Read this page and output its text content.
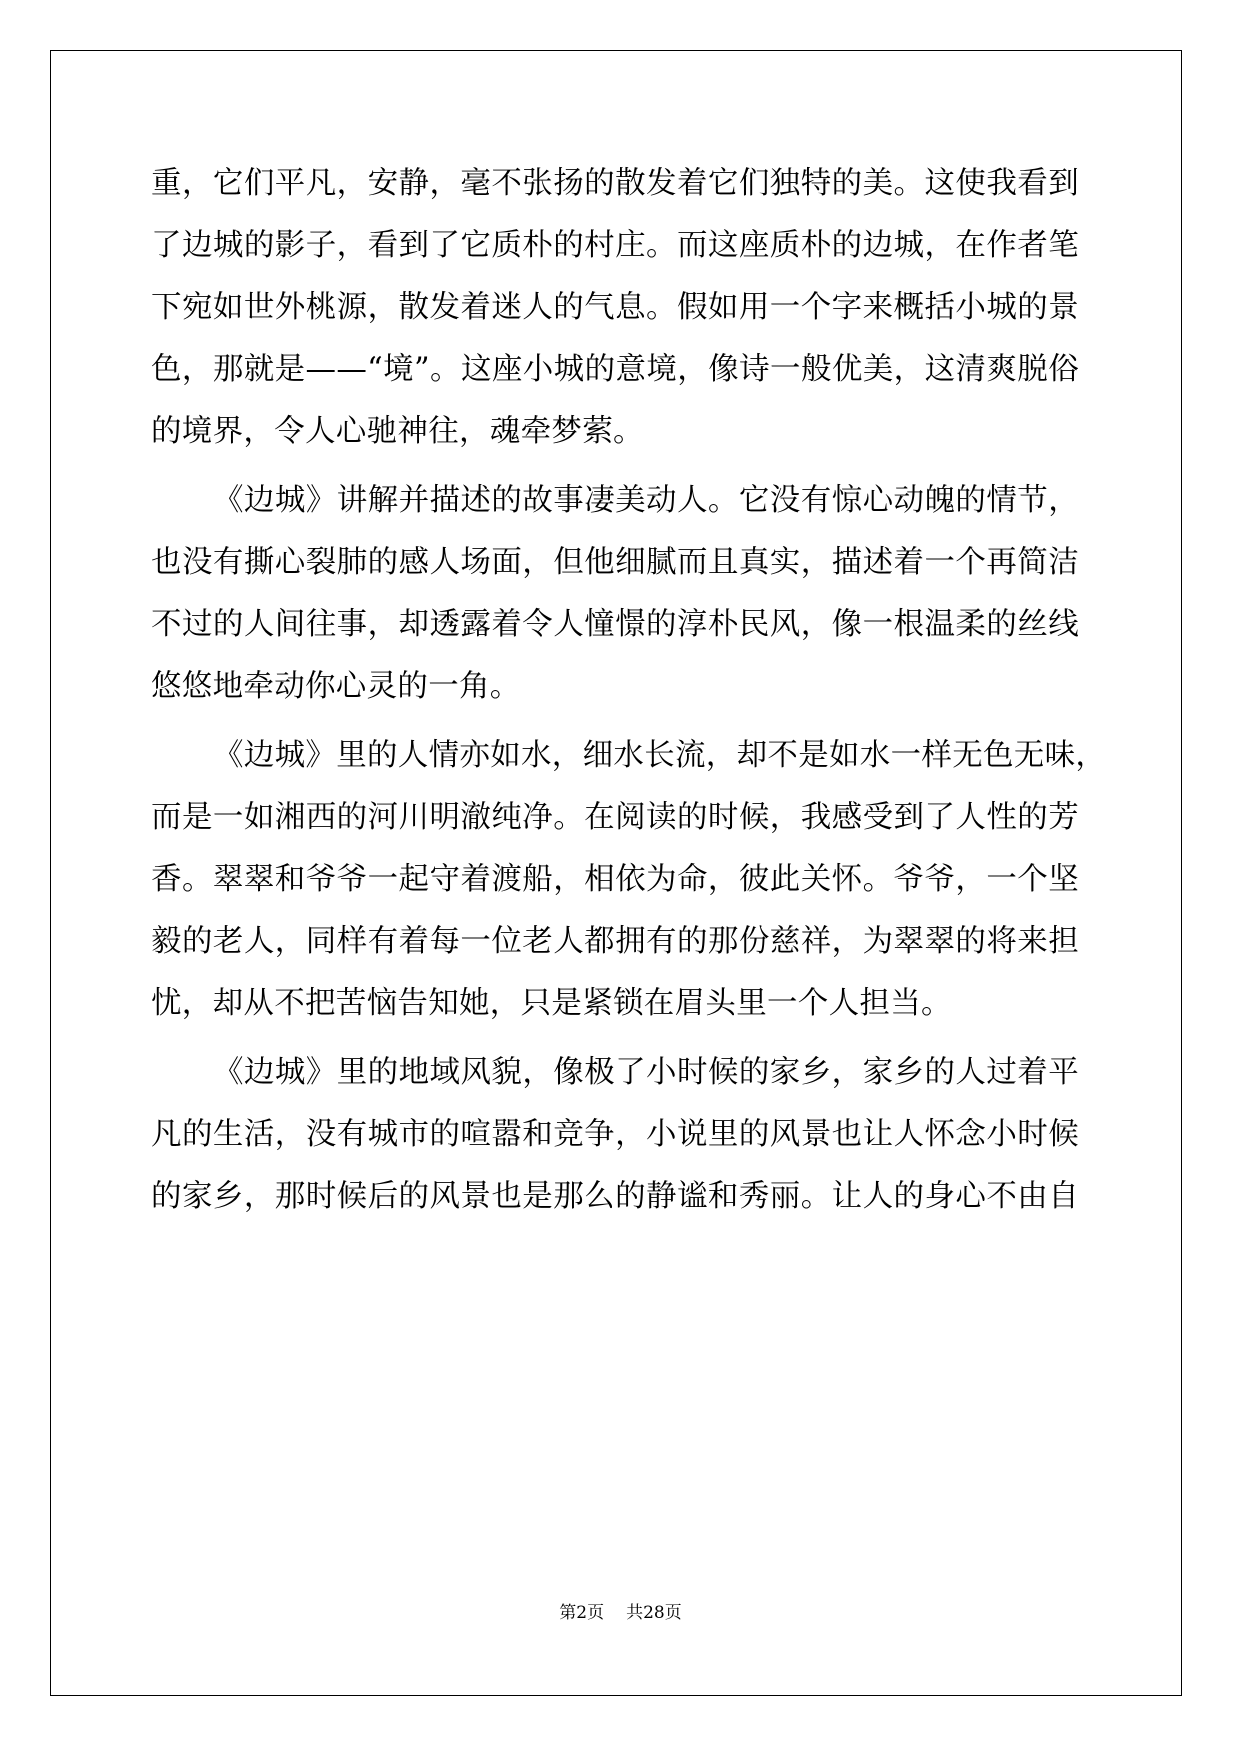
重，它们平凡，安静，毫不张扬的散发着它们独特的美。这使我看到
了边城的影子，看到了它质朴的村庄。而这座质朴的边城，在作者笔
下宛如世外桃源，散发着迷人的气息。假如用一个字来概括小城的景
色，那就是——“境”。这座小城的意境，像诗一般优美，这清爽脱俗
的境界，令人心驰神往，魂牵梦萦。
《边城》讲解并描述的故事凄美动人。它没有惊心动魄的情节，
也没有撕心裂肺的感人场面，但他细腻而且真实，描述着一个再简洁
不过的人间往事，却透露着令人憧憬的淳朴民风，像一根温柔的丝线
悠悠地牵动你心灵的一角。
《边城》里的人情亦如水，细水长流，却不是如水一样无色无味，
而是一如湘西的河川明澈纯净。在阅读的时候，我感受到了人性的芳
香。翠翠和爷爷一起守着渡船，相依为命，彼此关怀。爷爷，一个坚
毅的老人，同样有着每一位老人都拥有的那份慈祥，为翠翠的将来担
忧，却从不把苦恼告知她，只是紧锁在眉头里一个人担当。
《边城》里的地域风貌，像极了小时候的家乡，家乡的人过着平
凡的生活，没有城市的喧嚣和竞争，小说里的风景也让人怀念小时候
的家乡，那时候后的风景也是那么的静谧和秀丽。让人的身心不由自
第2页 共28页
